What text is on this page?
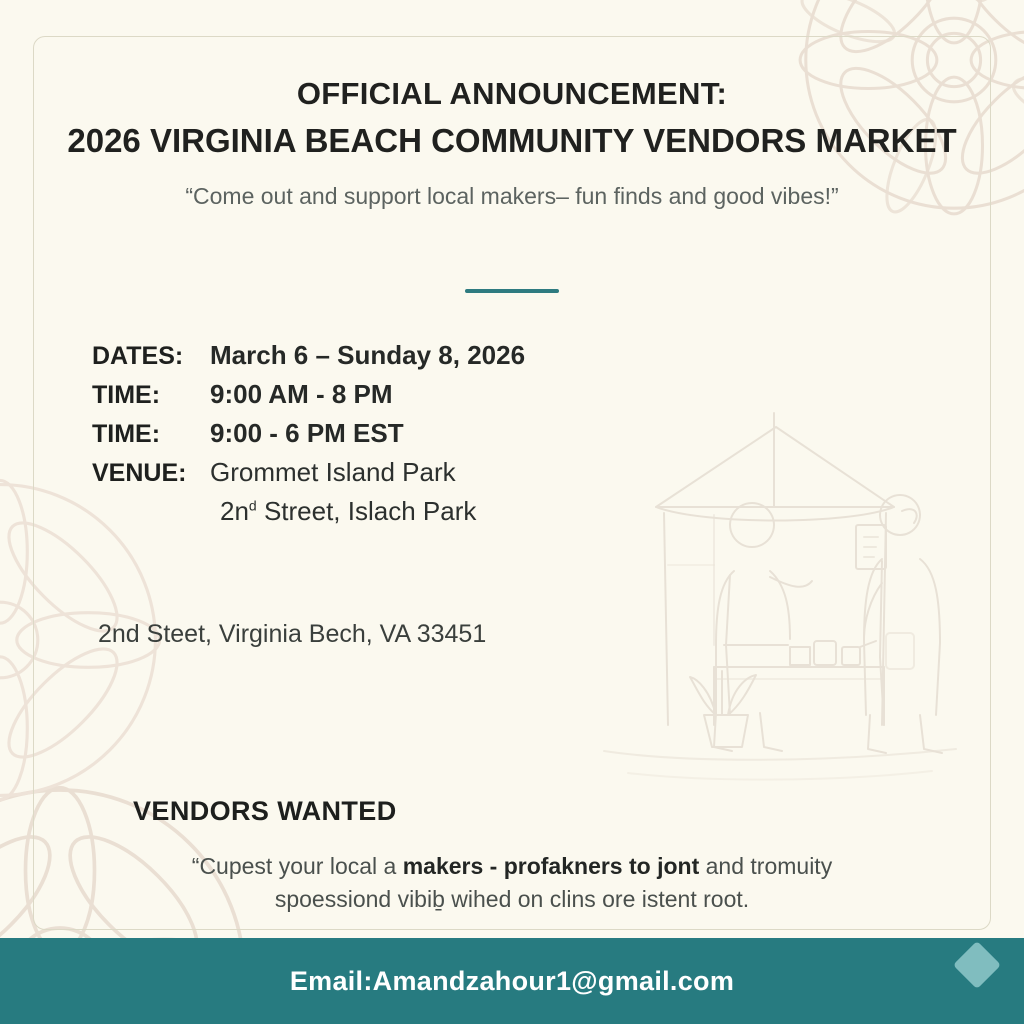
OFFICIAL ANNOUNCEMENT:
2026 VIRGINIA BEACH COMMUNITY VENDORS MARKET
“Come out and support local makers– fun finds and good vibes!”
DATES:	March 6 – Sunday 8, 2026
TIME:	9:00 AM - 8 PM
TIME:	9:00 - 6 PM EST
VENUE: Grommet Island Park
$2n^d$ Street, Islach Park
2nd Steet, Virginia Bech, VA 33451
VENDORS WANTED
“Cupest your local a makers - profakners to jont and tromuity
spoessiond vibiḇ wihed on clins ore istent root.
Email:Amandzahour1@gmail.com
